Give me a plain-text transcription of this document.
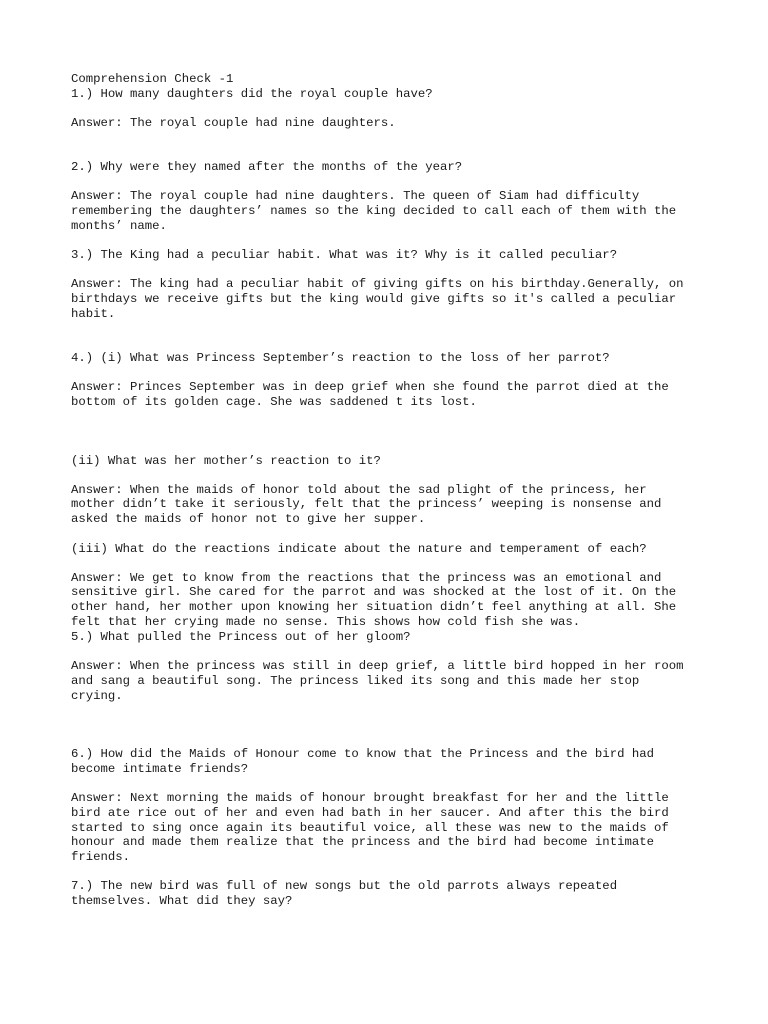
Comprehension Check -1

1.) How many daughters did the royal couple have?

Answer: The royal couple had nine daughters.

2.) Why were they named after the months of the year?

Answer: The royal couple had nine daughters. The queen of Siam had difficulty

remembering the daughters’ names so the king decided to call each of them with the

months’ name.

3.) The King had a peculiar habit. What was it? Why is it called peculiar?

Answer: The king had a peculiar habit of giving gifts on his birthday.Generally, on

birthdays we receive gifts but the king would give gifts so it's called a peculiar

habit.

4.) (i) What was Princess September’s reaction to the loss of her parrot?

Answer: Princes September was in deep grief when she found the parrot died at the

bottom of its golden cage. She was saddened t its lost.

(ii) What was her mother’s reaction to it?

Answer: When the maids of honor told about the sad plight of the princess, her

mother didn’t take it seriously, felt that the princess’ weeping is nonsense and

asked the maids of honor not to give her supper.

(iii) What do the reactions indicate about the nature and temperament of each?

Answer: We get to know from the reactions that the princess was an emotional and

sensitive girl. She cared for the parrot and was shocked at the lost of it. On the

other hand, her mother upon knowing her situation didn’t feel anything at all. She

felt that her crying made no sense. This shows how cold fish she was.

5.) What pulled the Princess out of her gloom?

Answer: When the princess was still in deep grief, a little bird hopped in her room

and sang a beautiful song. The princess liked its song and this made her stop

crying.

6.) How did the Maids of Honour come to know that the Princess and the bird had

become intimate friends?

Answer: Next morning the maids of honour brought breakfast for her and the little

bird ate rice out of her and even had bath in her saucer. And after this the bird

started to sing once again its beautiful voice, all these was new to the maids of

honour and made them realize that the princess and the bird had become intimate

friends.

7.) The new bird was full of new songs but the old parrots always repeated

themselves. What did they say?
